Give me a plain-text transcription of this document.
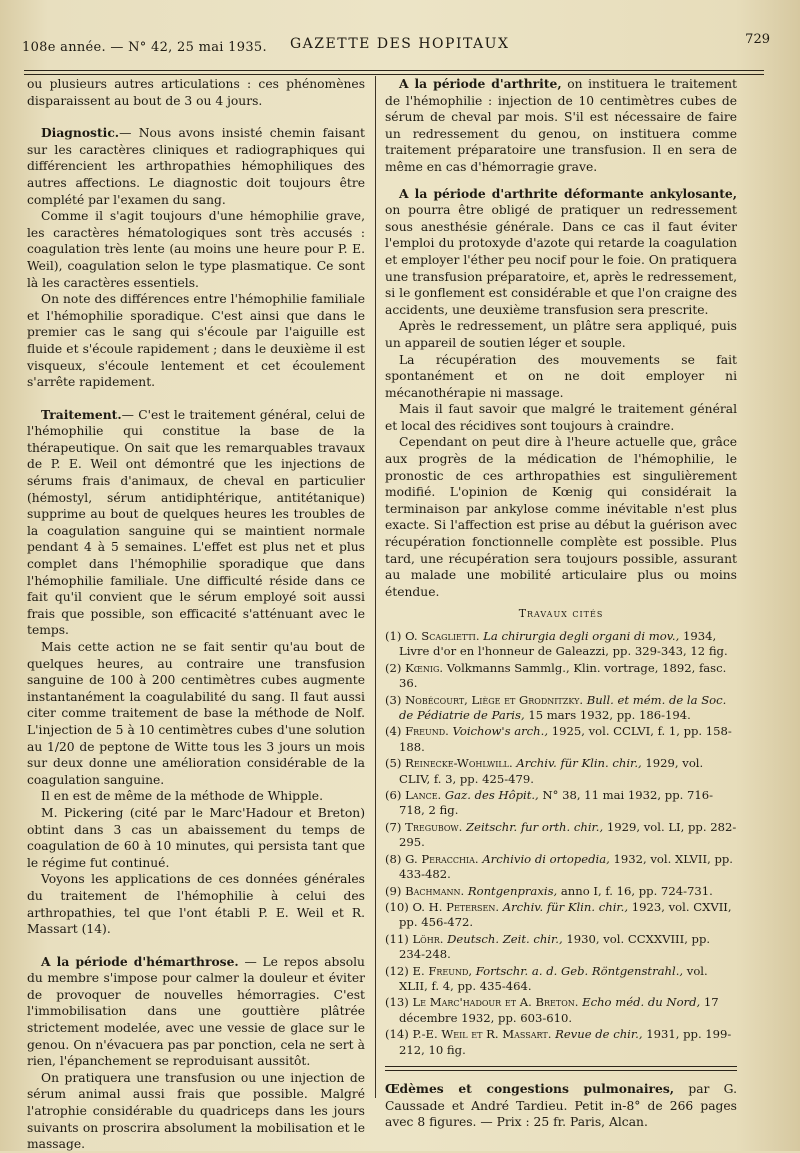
108e année. — N° 42, 25 mai 1935. GAZETTE DES HOPITAUX	729

ou plusieurs autres articulations : ces phénomènes disparaissent au bout de 3 ou 4 jours.

Diagnostic.— Nous avons insisté chemin faisant sur les caractères cliniques et radiographiques qui différencient les arthropathies hémophiliques des autres affections. Le diagnostic doit toujours être complété par l'examen du sang.

Comme il s'agit toujours d'une hémophilie grave, les caractères hématologiques sont très accusés : coagulation très lente (au moins une heure pour P. E. Weil), coagulation selon le type plasmatique. Ce sont là les caractères essentiels.

On note des différences entre l'hémophilie familiale et l'hémophilie sporadique. C'est ainsi que dans le premier cas le sang qui s'écoule par l'aiguille est fluide et s'écoule rapidement ; dans le deuxième il est visqueux, s'écoule lentement et cet écoulement s'arrête rapidement.

Traitement.— C'est le traitement général, celui de l'hémophilie qui constitue la base de la thérapeutique. On sait que les remarquables travaux de P. E. Weil ont démontré que les injections de sérums frais d'animaux, de cheval en particulier (hémostyl, sérum antidiphtérique, antitétanique) supprime au bout de quelques heures les troubles de la coagulation sanguine qui se maintient normale pendant 4 à 5 semaines. L'effet est plus net et plus complet dans l'hémophilie sporadique que dans l'hémophilie familiale. Une difficulté réside dans ce fait qu'il convient que le sérum employé soit aussi frais que possible, son efficacité s'atténuant avec le temps.

Mais cette action ne se fait sentir qu'au bout de quelques heures, au contraire une transfusion sanguine de 100 à 200 centimètres cubes augmente instantanément la coagulabilité du sang. Il faut aussi citer comme traitement de base la méthode de Nolf. L'injection de 5 à 10 centimètres cubes d'une solution au 1/20 de peptone de Witte tous les 3 jours un mois sur deux donne une amélioration considérable de la coagulation sanguine.

Il en est de même de la méthode de Whipple.

M. Pickering (cité par le Marc'Hadour et Breton) obtint dans 3 cas un abaissement du temps de coagulation de 60 à 10 minutes, qui persista tant que le régime fut continué.

Voyons les applications de ces données générales du traitement de l'hémophilie à celui des arthropathies, tel que l'ont établi P. E. Weil et R. Massart (14).

A la période d'hémarthrose. — Le repos absolu du membre s'impose pour calmer la douleur et éviter de provoquer de nouvelles hémorragies. C'est l'immobilisation dans une gouttière plâtrée strictement modelée, avec une vessie de glace sur le genou. On n'évacuera pas par ponction, cela ne sert à rien, l'épanchement se reproduisant aussitôt.

On pratiquera une transfusion ou une injection de sérum animal aussi frais que possible. Malgré l'atrophie considérable du quadriceps dans les jours suivants on proscrira absolument la mobilisation et le massage.

A la période d'arthrite, on instituera le traitement de l'hémophilie : injection de 10 centimètres cubes de sérum de cheval par mois. S'il est nécessaire de faire un redressement du genou, on instituera comme traitement préparatoire une transfusion. Il en sera de même en cas d'hémorragie grave.

A la période d'arthrite déformante ankylosante, on pourra être obligé de pratiquer un redressement sous anesthésie générale. Dans ce cas il faut éviter l'emploi du protoxyde d'azote qui retarde la coagulation et employer l'éther peu nocif pour le foie. On pratiquera une transfusion préparatoire, et, après le redressement, si le gonflement est considérable et que l'on craigne des accidents, une deuxième transfusion sera prescrite.

Après le redressement, un plâtre sera appliqué, puis un appareil de soutien léger et souple.

La récupération des mouvements se fait spontanément et on ne doit employer ni mécanothérapie ni massage.

Mais il faut savoir que malgré le traitement général et local des récidives sont toujours à craindre.

Cependant on peut dire à l'heure actuelle que, grâce aux progrès de la médication de l'hémophilie, le pronostic de ces arthropathies est singulièrement modifié. L'opinion de Kœnig qui considérait la terminaison par ankylose comme inévitable n'est plus exacte. Si l'affection est prise au début la guérison avec récupération fonctionnelle complète est possible. Plus tard, une récupération sera toujours possible, assurant au malade une mobilité articulaire plus ou moins étendue.

Travaux cités
(1) O. Scaglietti. La chirurgia degli organi di mov., 1934, Livre d'or en l'honneur de Galeazzi, pp. 329-343, 12 fig.
(2) Kœnig. Volkmanns Sammlg., Klin. vortrage, 1892, fasc. 36.
(3) Nobécourt, Liège et Grodnitzky. Bull. et mém. de la Soc. de Pédiatrie de Paris, 15 mars 1932, pp. 186-194.
(4) Freund. Voichow's arch., 1925, vol. CCLVI, f. 1, pp. 158-188.
(5) Reinecke-Wohlwill. Archiv. für Klin. chir., 1929, vol. CLIV, f. 3, pp. 425-479.
(6) Lance. Gaz. des Hôpit., N° 38, 11 mai 1932, pp. 716-718, 2 fig.
(7) Tregubow. Zeitschr. fur orth. chir., 1929, vol. LI, pp. 282-295.
(8) G. Peracchia. Archivio di ortopedia, 1932, vol. XLVII, pp. 433-482.
(9) Bachmann. Rontgenpraxis, anno I, f. 16, pp. 724-731.
(10) O. H. Petersen. Archiv. für Klin. chir., 1923, vol. CXVII, pp. 456-472.
(11) Löhr. Deutsch. Zeit. chir., 1930, vol. CCXXVIII, pp. 234-248.
(12) E. Freund, Fortschr. a. d. Geb. Röntgenstrahl., vol. XLII, f. 4, pp. 435-464.
(13) Le Marc'hadour et A. Breton. Echo méd. du Nord, 17 décembre 1932, pp. 603-610.
(14) P.-E. Weil et R. Massart. Revue de chir., 1931, pp. 199-212, 10 fig.

Œdèmes et congestions pulmonaires, par G. Caussade et André Tardieu. Petit in-8° de 266 pages avec 8 figures. — Prix : 25 fr. Paris, Alcan.
